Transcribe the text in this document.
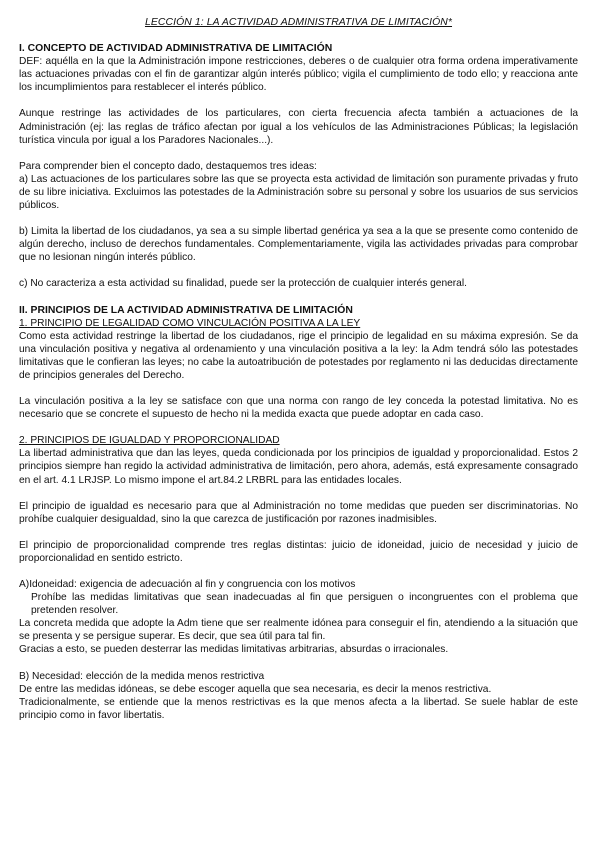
LECCIÓN 1: LA ACTIVIDAD ADMINISTRATIVA DE LIMITACIÓN*
I. CONCEPTO DE ACTIVIDAD ADMINISTRATIVA DE LIMITACIÓN

DEF: aquélla en la que la Administración impone restricciones, deberes o de cualquier otra forma ordena imperativamente las actuaciones privadas con el fin de garantizar algún interés público; vigila el cumplimiento de todo ello; y reacciona ante los incumplimientos para restablecer el interés público.

Aunque restringe las actividades de los particulares, con cierta frecuencia afecta también a actuaciones de la Administración (ej: las reglas de tráfico afectan por igual a los vehículos de las Administraciones Públicas; la legislación turística vincula por igual a los Paradores Nacionales...).

Para comprender bien el concepto dado, destaquemos tres ideas:

a) Las actuaciones de los particulares sobre las que se proyecta esta actividad de limitación son puramente privadas y fruto de su libre iniciativa. Excluimos las potestades de la Administración sobre su personal y sobre los usuarios de sus servicios públicos.

b) Limita la libertad de los ciudadanos, ya sea a su simple libertad genérica ya sea a la que se presente como contenido de algún derecho, incluso de derechos fundamentales. Complementariamente, vigila las actividades privadas para comprobar que no lesionan ningún interés público.

c) No caracteriza a esta actividad su finalidad, puede ser la protección de cualquier interés general.

II. PRINCIPIOS DE LA ACTIVIDAD ADMINISTRATIVA DE LIMITACIÓN
1. PRINCIPIO DE LEGALIDAD COMO VINCULACIÓN POSITIVA A LA LEY

Como esta actividad restringe la libertad de los ciudadanos, rige el principio de legalidad en su máxima expresión. Se da una vinculación positiva y negativa al ordenamiento y una vinculación positiva a la ley: la Adm tendrá sólo las potestades limitativas que le confieran las leyes; no cabe la autoatribución de potestades por reglamento ni las deducidas directamente de principios generales del Derecho.

La vinculación positiva a la ley se satisface con que una norma con rango de ley conceda la potestad limitativa. No es necesario que se concrete el supuesto de hecho ni la medida exacta que puede adoptar en cada caso.

2. PRINCIPIOS DE IGUALDAD Y PROPORCIONALIDAD

La libertad administrativa que dan las leyes, queda condicionada por los principios de igualdad y proporcionalidad. Estos 2 principios siempre han regido la actividad administrativa de limitación, pero ahora, además, está expresamente consagrado en el art. 4.1 LRJSP. Lo mismo impone el art.84.2 LRBRL para las entidades locales.

El principio de igualdad es necesario para que al Administración no tome medidas que pueden ser discriminatorias. No prohíbe cualquier desigualdad, sino la que carezca de justificación por razones inadmisibles.

El principio de proporcionalidad comprende tres reglas distintas: juicio de idoneidad, juicio de necesidad y juicio de proporcionalidad en sentido estricto.

A)Idoneidad: exigencia de adecuación al fin y congruencia con los motivos

Prohíbe las medidas limitativas que sean inadecuadas al fin que persiguen o incongruentes con el problema que pretenden resolver.

La concreta medida que adopte la Adm tiene que ser realmente idónea para conseguir el fin, atendiendo a la situación que se presenta y se persigue superar. Es decir, que sea útil para tal fin.

Gracias a esto, se pueden desterrar las medidas limitativas arbitrarias, absurdas o irracionales.

B) Necesidad: elección de la medida menos restrictiva

De entre las medidas idóneas, se debe escoger aquella que sea necesaria, es decir la menos restrictiva.

Tradicionalmente, se entiende que la menos restrictivas es la que menos afecta a la libertad. Se suele hablar de este principio como in favor libertatis.
